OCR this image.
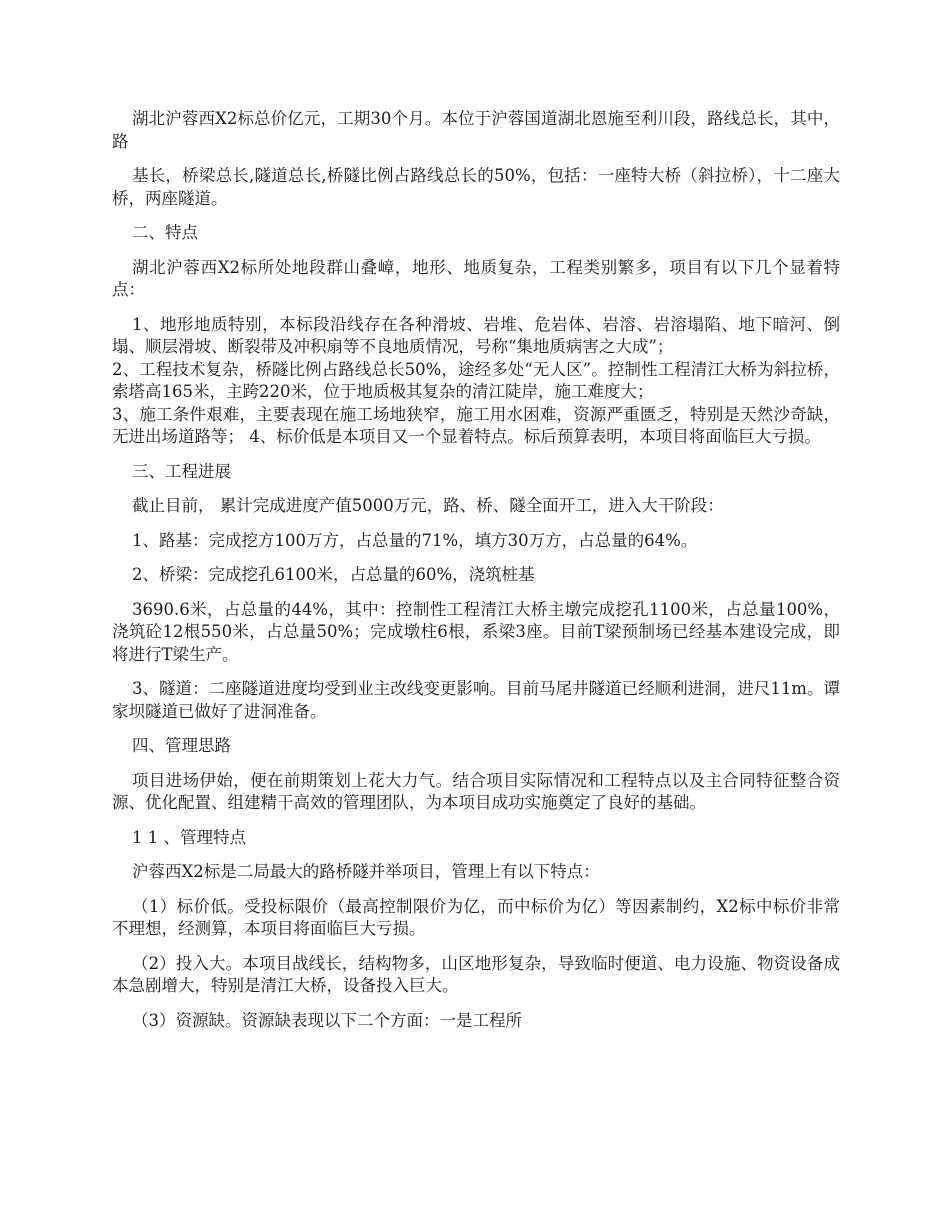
湖北沪蓉西X2标总价亿元，工期30个月。本位于沪蓉国道湖北恩施至利川段，路线总长，其中，路

基长，桥梁总长,隧道总长,桥隧比例占路线总长的50%，包括：一座特大桥（斜拉桥），十二座大桥，两座隧道。

二、特点

湖北沪蓉西X2标所处地段群山叠嶂，地形、地质复杂，工程类别繁多，项目有以下几个显着特点：

1、地形地质特别，本标段沿线存在各种滑坡、岩堆、危岩体、岩溶、岩溶塌陷、地下暗河、倒塌、顺层滑坡、断裂带及冲积扇等不良地质情况，号称“集地质病害之大成”；
2、工程技术复杂，桥隧比例占路线总长50%，途经多处“无人区”。控制性工程清江大桥为斜拉桥，索塔高165米，主跨220米，位于地质极其复杂的清江陡岸，施工难度大；
3、施工条件艰难，主要表现在施工场地狭窄，施工用水困难，资源严重匮乏，特别是天然沙奇缺，无进出场道路等； 4、标价低是本项目又一个显着特点。标后预算表明，本项目将面临巨大亏损。

三、工程进展

截止目前， 累计完成进度产值5000万元，路、桥、隧全面开工，进入大干阶段：

1、路基：完成挖方100万方，占总量的71%，填方30万方，占总量的64%。

2、桥梁：完成挖孔6100米，占总量的60%，浇筑桩基

3690.6米，占总量的44%，其中：控制性工程清江大桥主墩完成挖孔1100米，占总量100%，浇筑砼12根550米，占总量50%；完成墩柱6根，系梁3座。目前T梁预制场已经基本建设完成，即将进行T梁生产。

3、隧道：二座隧道进度均受到业主改线变更影响。目前马尾井隧道已经顺利进洞，进尺11m。谭家坝隧道已做好了进洞准备。

四、管理思路

项目进场伊始，便在前期策划上花大力气。结合项目实际情况和工程特点以及主合同特征整合资源、优化配置、组建精干高效的管理团队，为本项目成功实施奠定了良好的基础。

1 1 、管理特点

沪蓉西X2标是二局最大的路桥隧并举项目，管理上有以下特点：

（1）标价低。受投标限价（最高控制限价为亿，而中标价为亿）等因素制约，X2标中标价非常不理想，经测算，本项目将面临巨大亏损。

（2）投入大。本项目战线长，结构物多，山区地形复杂，导致临时便道、电力设施、物资设备成本急剧增大，特别是清江大桥，设备投入巨大。

（3）资源缺。资源缺表现以下二个方面：一是工程所
